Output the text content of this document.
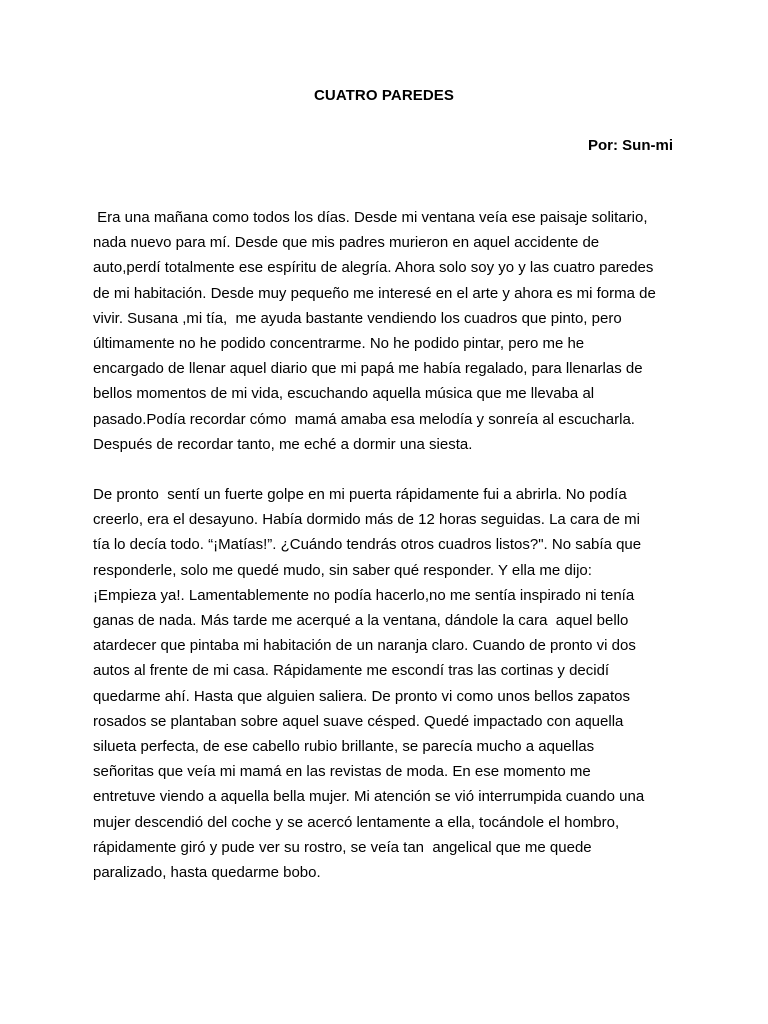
CUATRO PAREDES
Por: Sun-mi
Era una mañana como todos los días. Desde mi ventana veía ese paisaje solitario,
nada nuevo para mí. Desde que mis padres murieron en aquel accidente de
auto,perdí totalmente ese espíritu de alegría. Ahora solo soy yo y las cuatro paredes
de mi habitación. Desde muy pequeño me interesé en el arte y ahora es mi forma de
vivir. Susana ,mi tía,  me ayuda bastante vendiendo los cuadros que pinto, pero
últimamente no he podido concentrarme. No he podido pintar, pero me he
encargado de llenar aquel diario que mi papá me había regalado, para llenarlas de
bellos momentos de mi vida, escuchando aquella música que me llevaba al
pasado.Podía recordar cómo  mamá amaba esa melodía y sonreía al escucharla.
Después de recordar tanto, me eché a dormir una siesta.
De pronto  sentí un fuerte golpe en mi puerta rápidamente fui a abrirla. No podía
creerlo, era el desayuno. Había dormido más de 12 horas seguidas. La cara de mi
tía lo decía todo. “¡Matías!”. ¿Cuándo tendrás otros cuadros listos?". No sabía que
responderle, solo me quedé mudo, sin saber qué responder. Y ella me dijo:
¡Empieza ya!. Lamentablemente no podía hacerlo,no me sentía inspirado ni tenía
ganas de nada. Más tarde me acerqué a la ventana, dándole la cara  aquel bello
atardecer que pintaba mi habitación de un naranja claro. Cuando de pronto vi dos
autos al frente de mi casa. Rápidamente me escondí tras las cortinas y decidí
quedarme ahí. Hasta que alguien saliera. De pronto vi como unos bellos zapatos
rosados se plantaban sobre aquel suave césped. Quedé impactado con aquella
silueta perfecta, de ese cabello rubio brillante, se parecía mucho a aquellas
señoritas que veía mi mamá en las revistas de moda. En ese momento me
entretuve viendo a aquella bella mujer. Mi atención se vió interrumpida cuando una
mujer descendió del coche y se acercó lentamente a ella, tocándole el hombro,
rápidamente giró y pude ver su rostro, se veía tan  angelical que me quede
paralizado, hasta quedarme bobo.
